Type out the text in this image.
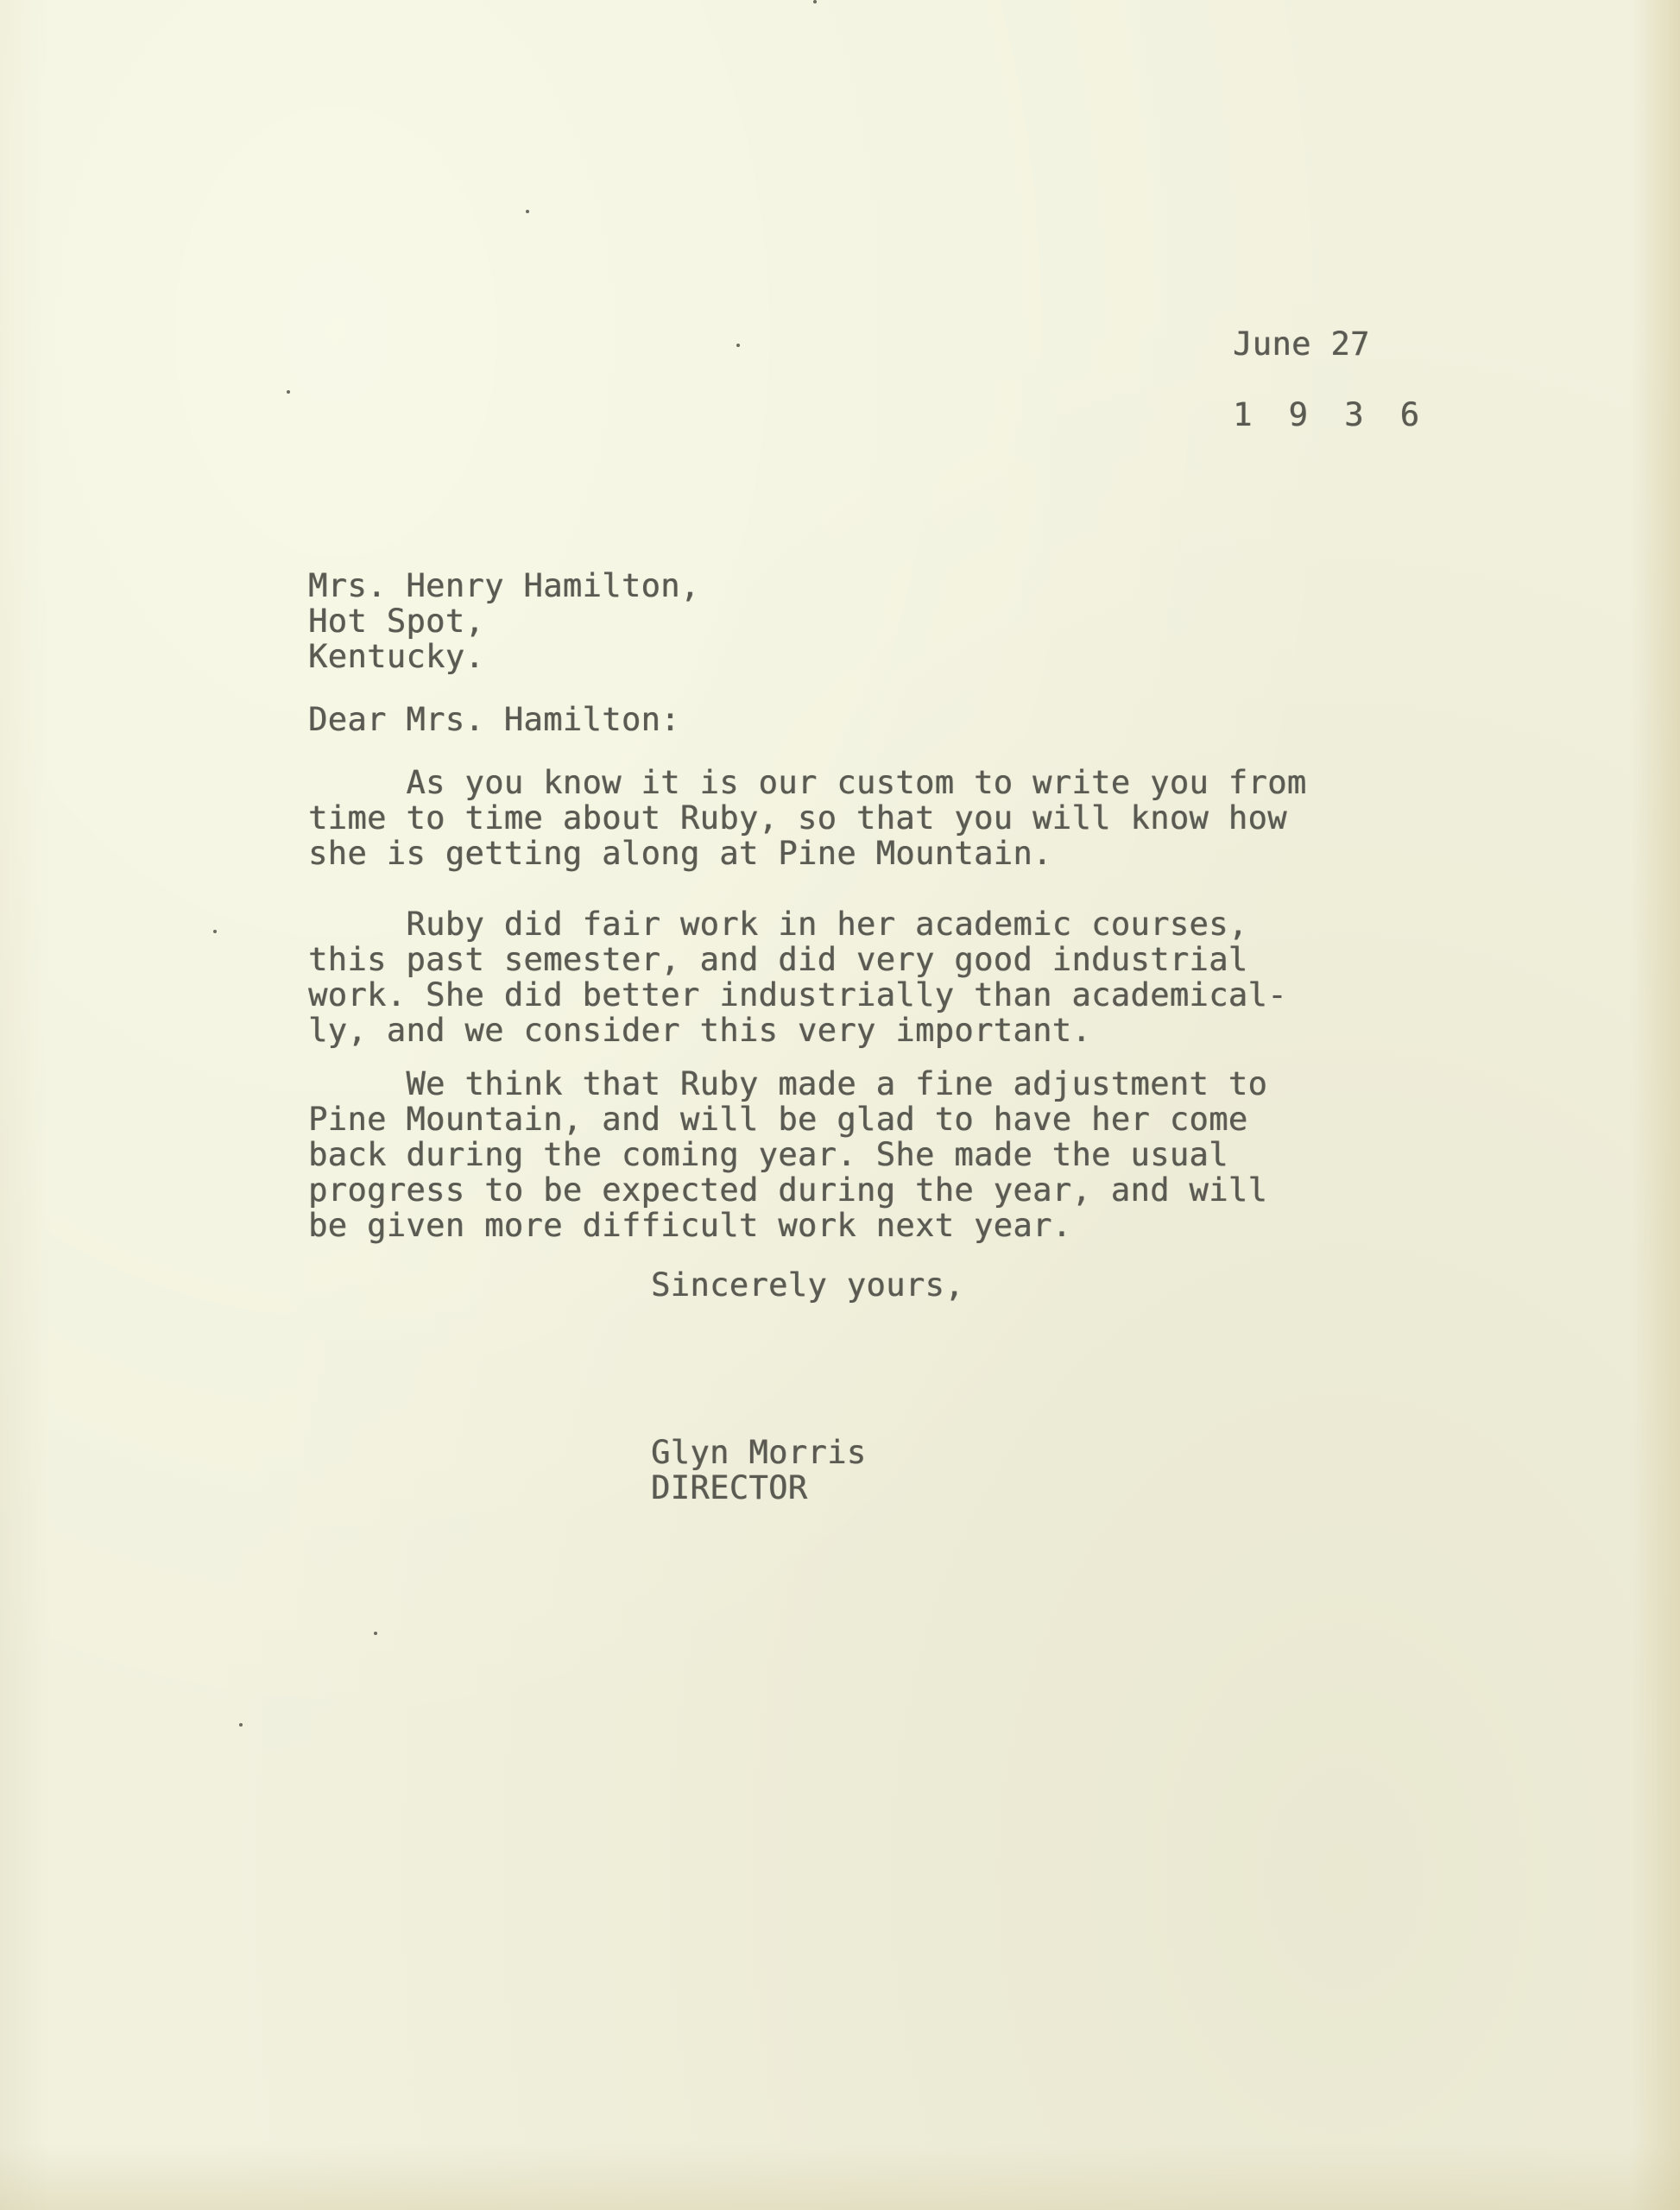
June 27
1 9 3 6
Mrs. Henry Hamilton,
Hot Spot,
Kentucky.
Dear Mrs. Hamilton:
As you know it is our custom to write you from
time to time about Ruby, so that you will know how
she is getting along at Pine Mountain.
Ruby did fair work in her academic courses,
this past semester, and did very good industrial
work. She did better industrially than academical-
ly, and we consider this very important.
We think that Ruby made a fine adjustment to
Pine Mountain, and will be glad to have her come
back during the coming year. She made the usual
progress to be expected during the year, and will
be given more difficult work next year.
Sincerely yours,
Glyn Morris
DIRECTOR
